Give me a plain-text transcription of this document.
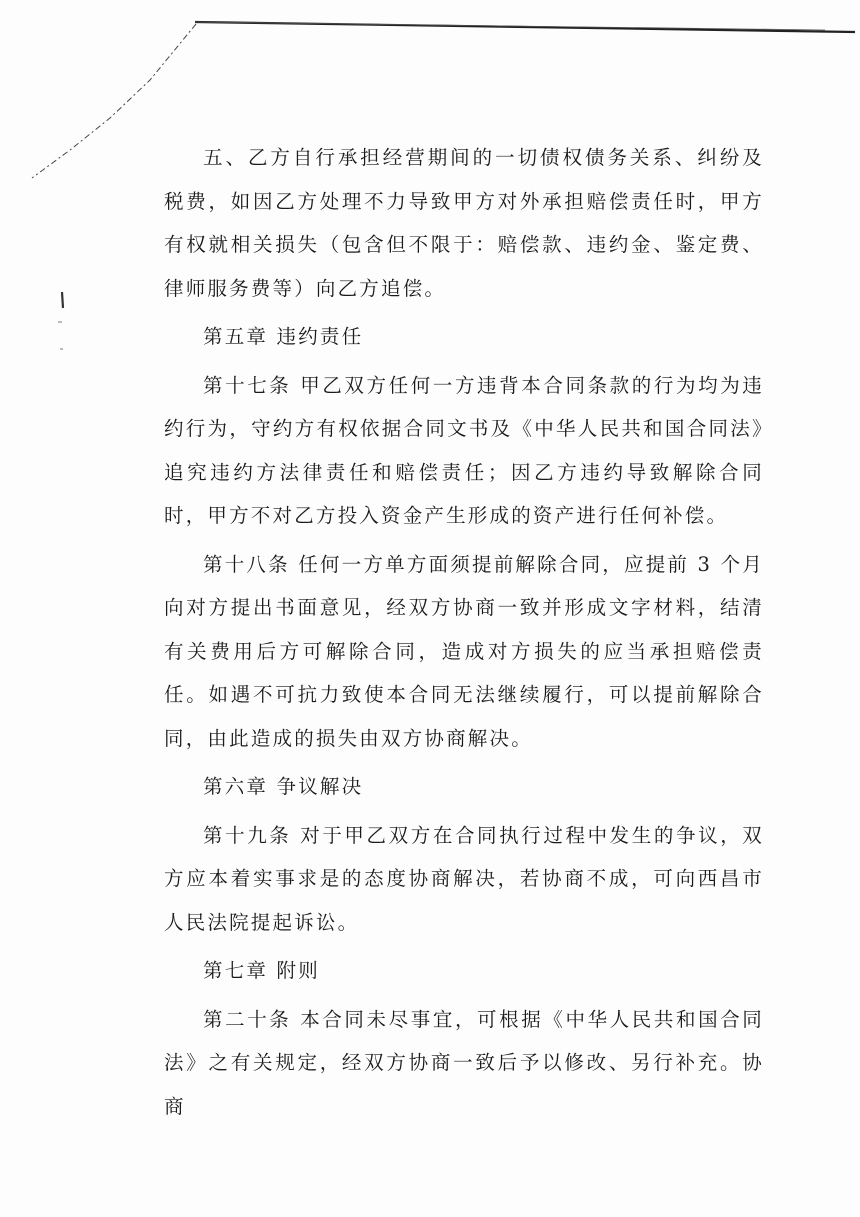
五、乙方自行承担经营期间的一切债权债务关系、纠纷及税费，如因乙方处理不力导致甲方对外承担赔偿责任时，甲方有权就相关损失（包含但不限于：赔偿款、违约金、鉴定费、律师服务费等）向乙方追偿。

第五章 违约责任

第十七条 甲乙双方任何一方违背本合同条款的行为均为违约行为，守约方有权依据合同文书及《中华人民共和国合同法》追究违约方法律责任和赔偿责任；因乙方违约导致解除合同时，甲方不对乙方投入资金产生形成的资产进行任何补偿。

第十八条 任何一方单方面须提前解除合同，应提前 3 个月向对方提出书面意见，经双方协商一致并形成文字材料，结清有关费用后方可解除合同，造成对方损失的应当承担赔偿责任。如遇不可抗力致使本合同无法继续履行，可以提前解除合同，由此造成的损失由双方协商解决。

第六章 争议解决

第十九条 对于甲乙双方在合同执行过程中发生的争议，双方应本着实事求是的态度协商解决，若协商不成，可向西昌市人民法院提起诉讼。

第七章 附则

第二十条 本合同未尽事宜，可根据《中华人民共和国合同法》之有关规定，经双方协商一致后予以修改、另行补充。协商
